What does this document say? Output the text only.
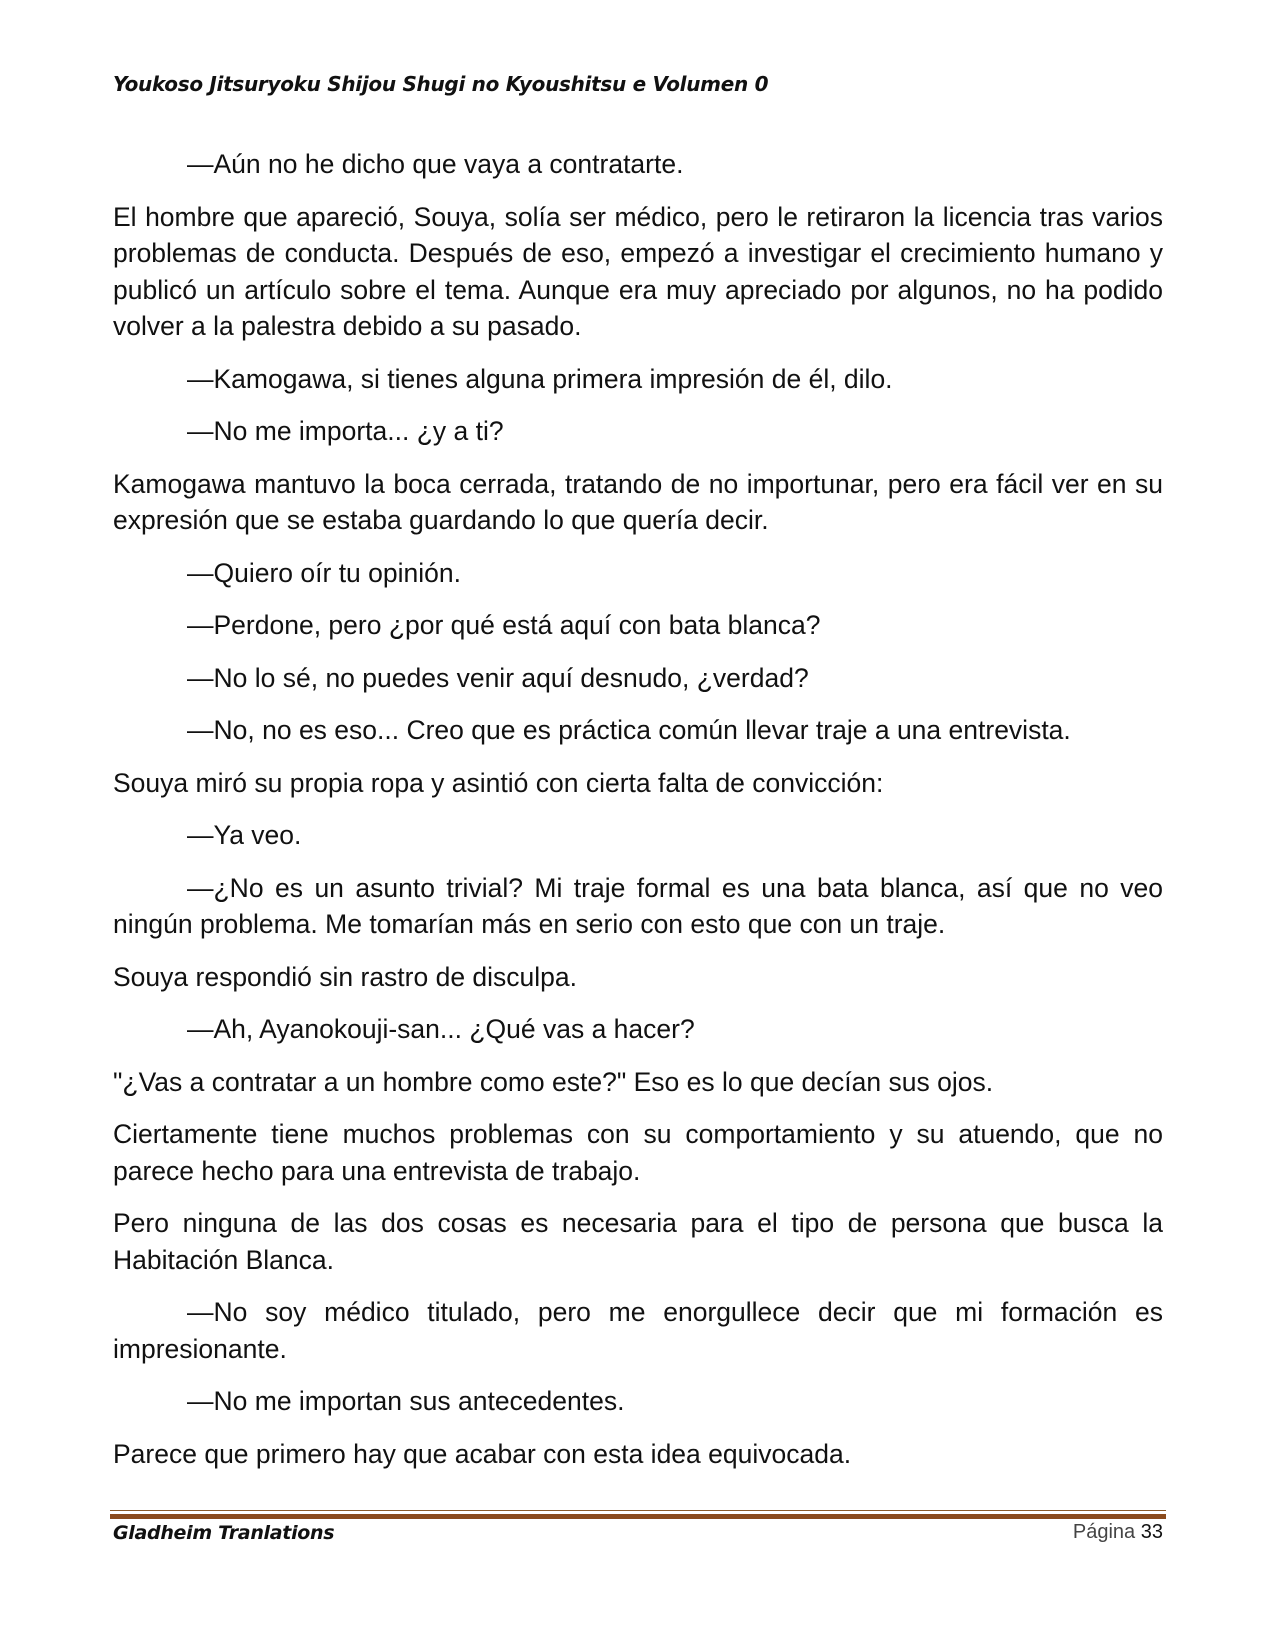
Youkoso Jitsuryoku Shijou Shugi no Kyoushitsu e Volumen 0

—Aún no he dicho que vaya a contratarte.

El hombre que apareció, Souya, solía ser médico, pero le retiraron la licencia tras varios problemas de conducta. Después de eso, empezó a investigar el crecimiento humano y publicó un artículo sobre el tema. Aunque era muy apreciado por algunos, no ha podido volver a la palestra debido a su pasado.

—Kamogawa, si tienes alguna primera impresión de él, dilo.

—No me importa... ¿y a ti?

Kamogawa mantuvo la boca cerrada, tratando de no importunar, pero era fácil ver en su expresión que se estaba guardando lo que quería decir.

—Quiero oír tu opinión.

—Perdone, pero ¿por qué está aquí con bata blanca?

—No lo sé, no puedes venir aquí desnudo, ¿verdad?

—No, no es eso... Creo que es práctica común llevar traje a una entrevista.

Souya miró su propia ropa y asintió con cierta falta de convicción:

—Ya veo.

—¿No es un asunto trivial? Mi traje formal es una bata blanca, así que no veo ningún problema. Me tomarían más en serio con esto que con un traje.

Souya respondió sin rastro de disculpa.

—Ah, Ayanokouji-san... ¿Qué vas a hacer?

"¿Vas a contratar a un hombre como este?" Eso es lo que decían sus ojos.

Ciertamente tiene muchos problemas con su comportamiento y su atuendo, que no parece hecho para una entrevista de trabajo.

Pero ninguna de las dos cosas es necesaria para el tipo de persona que busca la Habitación Blanca.

—No soy médico titulado, pero me enorgullece decir que mi formación es impresionante.

—No me importan sus antecedentes.

Parece que primero hay que acabar con esta idea equivocada.

Gladheim Tranlations	Página 33
